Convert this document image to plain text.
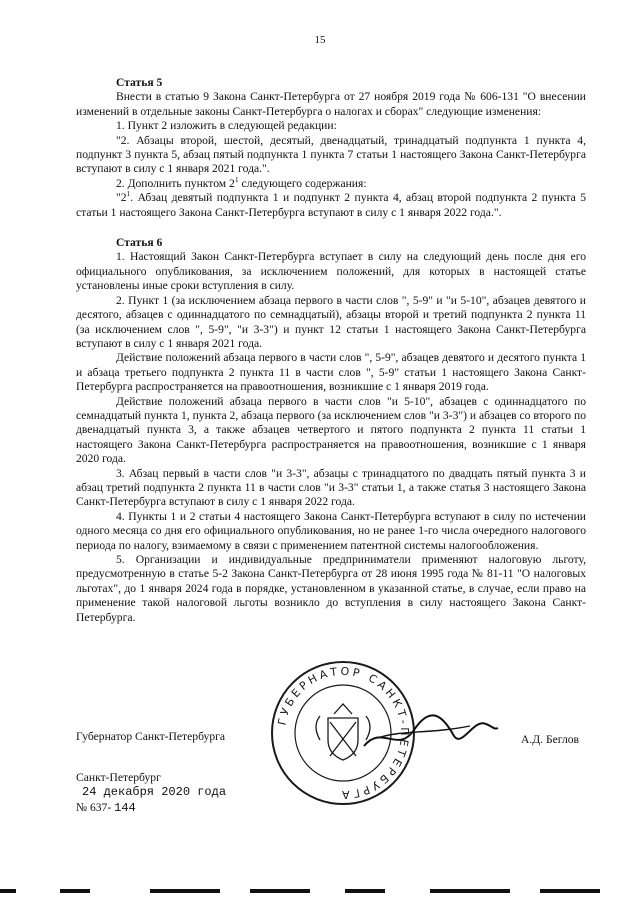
15

Статья 5

Внести в статью 9 Закона Санкт-Петербурга от 27 ноября 2019 года № 606-131 "О внесении изменений в отдельные законы Санкт-Петербурга о налогах и сборах" следующие изменения:

1. Пункт 2 изложить в следующей редакции:

"2. Абзацы второй, шестой, десятый, двенадцатый, тринадцатый подпункта 1 пункта 4, подпункт 3 пункта 5, абзац пятый подпункта 1 пункта 7 статьи 1 настоящего Закона Санкт-Петербурга вступают в силу с 1 января 2021 года.".

2. Дополнить пунктом $2^1$ следующего содержания:

"$2^1$. Абзац девятый подпункта 1 и подпункт 2 пункта 4, абзац второй подпункта 2 пункта 5 статьи 1 настоящего Закона Санкт-Петербурга вступают в силу с 1 января 2022 года.".

Статья 6

1. Настоящий Закон Санкт-Петербурга вступает в силу на следующий день после дня его официального опубликования, за исключением положений, для которых в настоящей статье установлены иные сроки вступления в силу.

2. Пункт 1 (за исключением абзаца первого в части слов ", 5-9" и "и 5-10", абзацев девятого и десятого, абзацев с одиннадцатого по семнадцатый), абзацы второй и третий подпункта 2 пункта 11 (за исключением слов ", 5-9", "и 3-3") и пункт 12 статьи 1 настоящего Закона Санкт-Петербурга вступают в силу с 1 января 2021 года.

Действие положений абзаца первого в части слов ", 5-9", абзацев девятого и десятого пункта 1 и абзаца третьего подпункта 2 пункта 11 в части слов ", 5-9" статьи 1 настоящего Закона Санкт-Петербурга распространяется на правоотношения, возникшие с 1 января 2019 года.

Действие положений абзаца первого в части слов "и 5-10", абзацев с одиннадцатого по семнадцатый пункта 1, пункта 2, абзаца первого (за исключением слов "и 3-3") и абзацев со второго по двенадцатый пункта 3, а также абзацев четвертого и пятого подпункта 2 пункта 11 статьи 1 настоящего Закона Санкт-Петербурга распространяется на правоотношения, возникшие с 1 января 2020 года.

3. Абзац первый в части слов "и 3-3", абзацы с тринадцатого по двадцать пятый пункта 3 и абзац третий подпункта 2 пункта 11 в части слов "и 3-3" статьи 1, а также статья 3 настоящего Закона Санкт-Петербурга вступают в силу с 1 января 2022 года.

4. Пункты 1 и 2 статьи 4 настоящего Закона Санкт-Петербурга вступают в силу по истечении одного месяца со дня его официального опубликования, но не ранее 1-го числа очередного налогового периода по налогу, взимаемому в связи с применением патентной системы налогообложения.

5. Организации и индивидуальные предприниматели применяют налоговую льготу, предусмотренную в статье 5-2 Закона Санкт-Петербурга от 28 июня 1995 года № 81-11 "О налоговых льготах", до 1 января 2024 года в порядке, установленном в указанной статье, в случае, если право на применение такой налоговой льготы возникло до вступления в силу настоящего Закона Санкт-Петербурга.

ГУБЕРНАТОР САНКТ-ПЕТЕРБУРГА
Губернатор Санкт-Петербурга	А.Д. Беглов
Санкт-Петербург
24 декабря 2020 года
№ 637- 144
